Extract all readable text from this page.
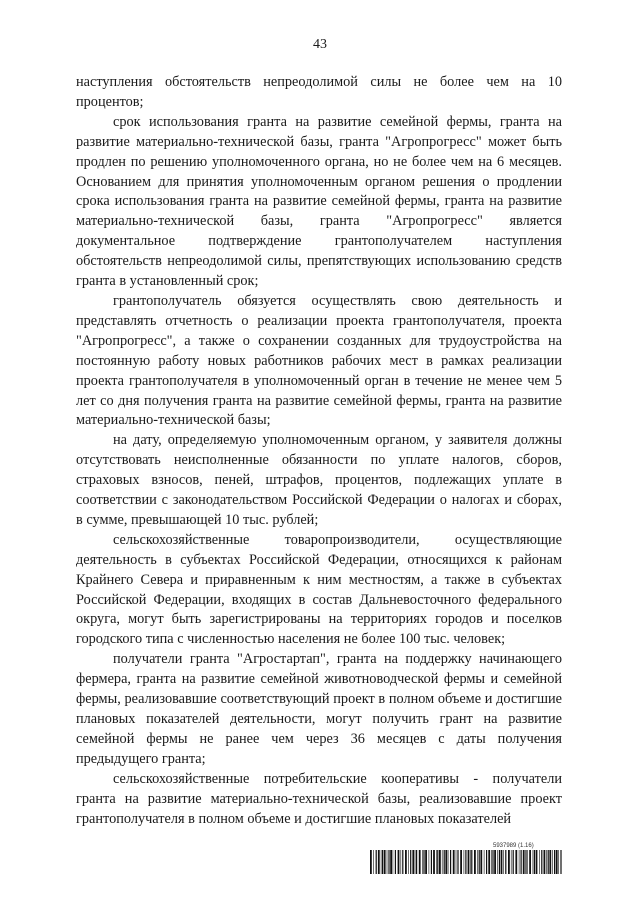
43

наступления обстоятельств непреодолимой силы не более чем на 10 процентов;

срок использования гранта на развитие семейной фермы, гранта на развитие материально-технической базы, гранта "Агропрогресс" может быть продлен по решению уполномоченного органа, но не более чем на 6 месяцев. Основанием для принятия уполномоченным органом решения о продлении срока использования гранта на развитие семейной фермы, гранта на развитие материально-технической базы, гранта "Агропрогресс" является документальное подтверждение грантополучателем наступления обстоятельств непреодолимой силы, препятствующих использованию средств гранта в установленный срок;

грантополучатель обязуется осуществлять свою деятельность и представлять отчетность о реализации проекта грантополучателя, проекта "Агропрогресс", а также о сохранении созданных для трудоустройства на постоянную работу новых работников рабочих мест в рамках реализации проекта грантополучателя в уполномоченный орган в течение не менее чем 5 лет со дня получения гранта на развитие семейной фермы, гранта на развитие материально-технической базы;

на дату, определяемую уполномоченным органом, у заявителя должны отсутствовать неисполненные обязанности по уплате налогов, сборов, страховых взносов, пеней, штрафов, процентов, подлежащих уплате в соответствии с законодательством Российской Федерации о налогах и сборах, в сумме, превышающей 10 тыс. рублей;

сельскохозяйственные товаропроизводители, осуществляющие деятельность в субъектах Российской Федерации, относящихся к районам Крайнего Севера и приравненным к ним местностям, а также в субъектах Российской Федерации, входящих в состав Дальневосточного федерального округа, могут быть зарегистрированы на территориях городов и поселков городского типа с численностью населения не более 100 тыс. человек;

получатели гранта "Агростартап", гранта на поддержку начинающего фермера, гранта на развитие семейной животноводческой фермы и семейной фермы, реализовавшие соответствующий проект в полном объеме и достигшие плановых показателей деятельности, могут получить грант на развитие семейной фермы не ранее чем через 36 месяцев с даты получения предыдущего гранта;

сельскохозяйственные потребительские кооперативы - получатели гранта на развитие материально-технической базы, реализовавшие проект грантополучателя в полном объеме и достигшие плановых показателей

5937989 (1.16)
